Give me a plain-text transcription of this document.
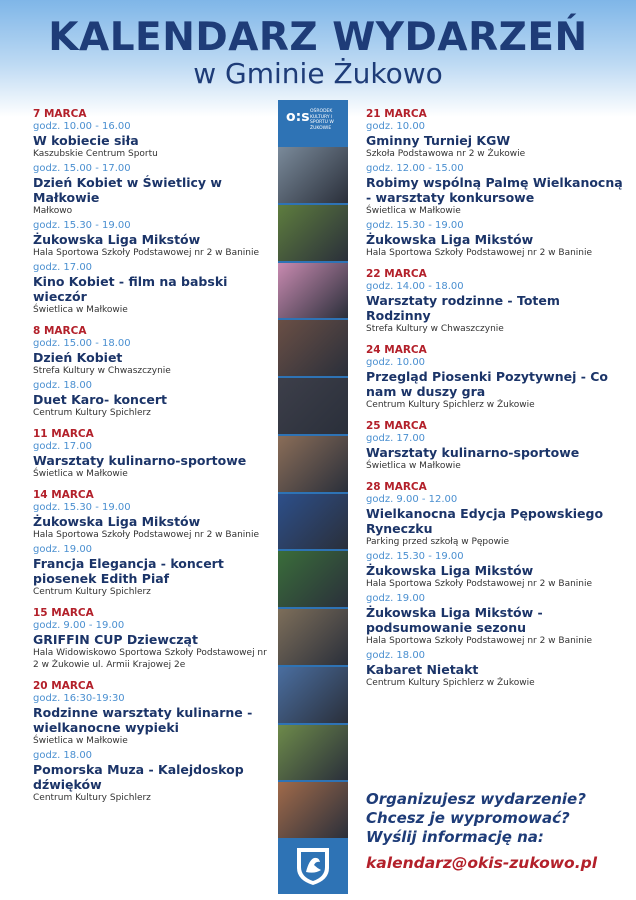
KALENDARZ WYDARZEŃ
w Gminie Żukowo
7 MARCA
godz. 10.00 - 16.00
W kobiecie siła
Kaszubskie Centrum Sportu
godz. 15.00 - 17.00
Dzień Kobiet w Świetlicy w Małkowie
Małkowo
godz. 15.30 - 19.00
Żukowska Liga Mikstów
Hala Sportowa Szkoły Podstawowej nr 2 w Baninie
godz. 17.00
Kino Kobiet - film na babski wieczór
Świetlica w Małkowie
8 MARCA
godz. 15.00 - 18.00
Dzień Kobiet
Strefa Kultury w Chwaszczynie
godz. 18.00
Duet Karo- koncert
Centrum Kultury Spichlerz
11 MARCA
godz. 17.00
Warsztaty kulinarno-sportowe
Świetlica w Małkowie
14 MARCA
godz. 15.30 - 19.00
Żukowska Liga Mikstów
Hala Sportowa Szkoły Podstawowej nr 2 w Baninie
godz. 19.00
Francja Elegancja - koncert piosenek Edith Piaf
Centrum Kultury Spichlerz
15 MARCA
godz. 9.00 - 19.00
GRIFFIN CUP Dziewcząt
Hala Widowiskowo Sportowa Szkoły Podstawowej nr 2 w Żukowie ul. Armii Krajowej 2e
20 MARCA
godz. 16:30-19:30
Rodzinne warsztaty kulinarne - wielkanocne wypieki
Świetlica w Małkowie
godz. 18.00
Pomorska Muza - Kalejdoskop dźwięków
Centrum Kultury Spichlerz
o:s OŚRODEK KULTURY I SPORTU W ŻUKOWIE
21 MARCA
godz. 10.00
Gminny Turniej KGW
Szkoła Podstawowa nr 2 w Żukowie
godz. 12.00 - 15.00
Robimy wspólną Palmę Wielkanocną - warsztaty konkursowe
Świetlica w Małkowie
godz. 15.30 - 19.00
Żukowska Liga Mikstów
Hala Sportowa Szkoły Podstawowej nr 2 w Baninie
22 MARCA
godz. 14.00 - 18.00
Warsztaty rodzinne - Totem Rodzinny
Strefa Kultury w Chwaszczynie
24 MARCA
godz. 10.00
Przegląd Piosenki Pozytywnej - Co nam w duszy gra
Centrum Kultury Spichlerz w Żukowie
25 MARCA
godz. 17.00
Warsztaty kulinarno-sportowe
Świetlica w Małkowie
28 MARCA
godz. 9.00 - 12.00
Wielkanocna Edycja Pępowskiego Ryneczku
Parking przed szkołą w Pępowie
godz. 15.30 - 19.00
Żukowska Liga Mikstów
Hala Sportowa Szkoły Podstawowej nr 2 w Baninie
godz. 19.00
Żukowska Liga Mikstów - podsumowanie sezonu
Hala Sportowa Szkoły Podstawowej nr 2 w Baninie
godz. 18.00
Kabaret Nietakt
Centrum Kultury Spichlerz w Żukowie
Organizujesz wydarzenie?
Chcesz je wypromować?
Wyślij informację na:
kalendarz@okis-zukowo.pl
